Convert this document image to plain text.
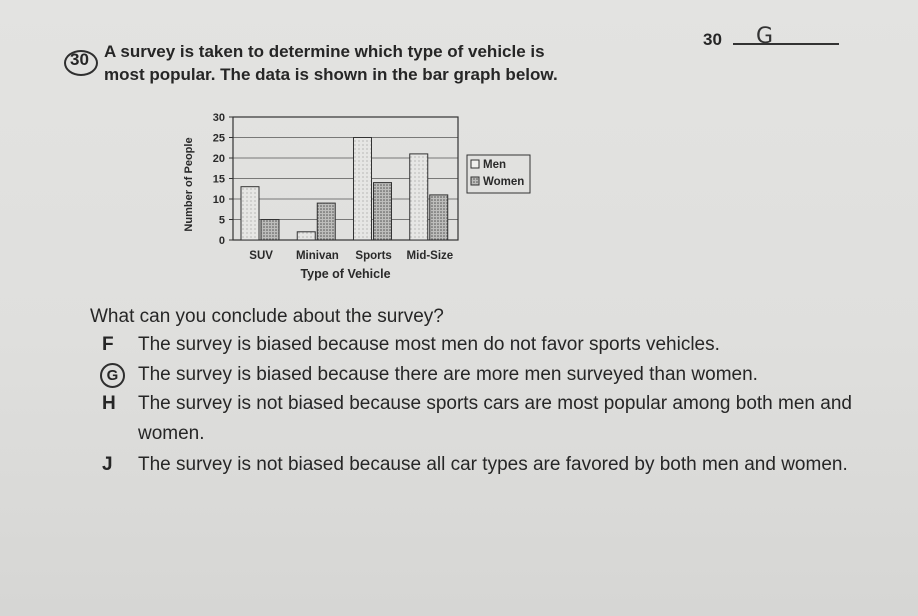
30 A survey is taken to determine which type of vehicle is
most popular. The data is shown in the bar graph below.
30 G
0
5
10
15
20
25
30
SUV Minivan Sports Mid-Size
Type of Vehicle
Number of People	Men
Women
What can you conclude about the survey?
F The survey is biased because most men do not favor sports vehicles.
G The survey is biased because there are more men surveyed than women.
H The survey is not biased because sports cars are most popular among both men and women.
J The survey is not biased because all car types are favored by both men and women.
